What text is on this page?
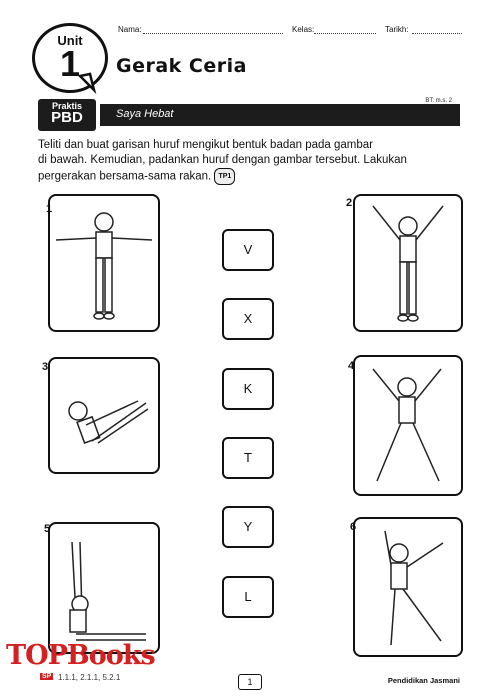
Nama:	Kelas:	Tarikh:
Unit
1	Gerak Ceria
Praktis
PBD	Saya Hebat
BT: m.s. 2
Teliti dan buat garisan huruf mengikut bentuk badan pada gambar
di bawah. Kemudian, padankan huruf dengan gambar tersebut. Lakukan
pergerakan bersama-sama rakan. TP1
1	2
3	4
5	6
V
X
K
T
Y
L
TOPBooks
SP 1.1.1, 2.1.1, 5.2.1	1	Pendidikan Jasmani
